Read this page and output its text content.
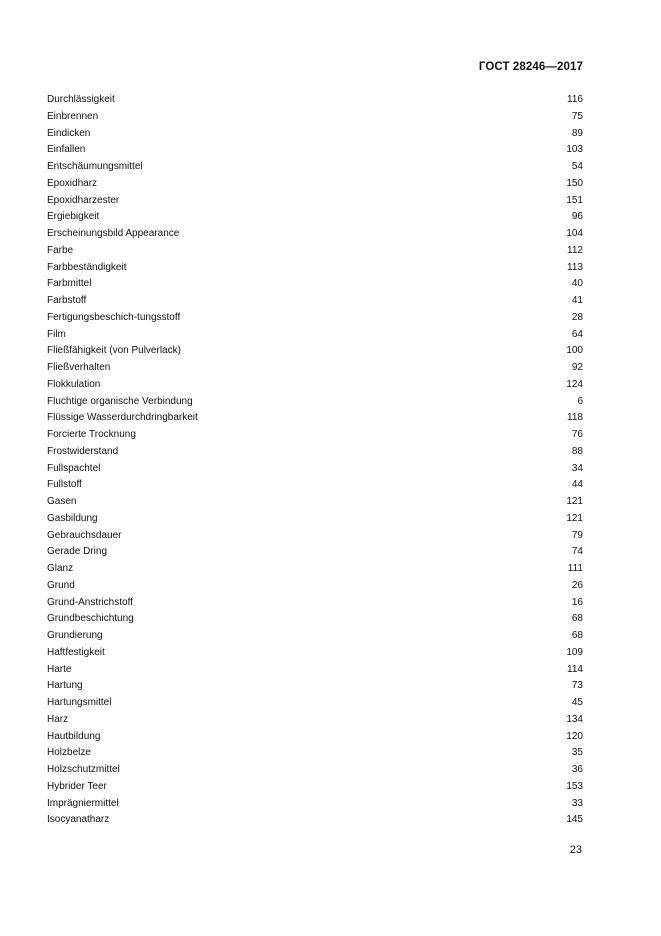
ГОСТ 28246—2017
Durchlässigkeit	116
Einbrennen	75
Eindicken	89
Einfallen	103
Entschäumungsmittel	54
Epoxidharz	150
Epoxidharzester	151
Ergiebigkeit	96
Erscheinungsbild Appearance	104
Farbe	112
Farbbeständigkeit	113
Farbmittel	40
Farbstoff	41
Fertigungsbeschich-tungsstoff	28
Film	64
Fließfähigkeit (von Pulverlack)	100
Fließverhalten	92
Flokkulation	124
Fluchtige organische Verbindung	6
Flüssige Wasserdurchdringbarkeit	118
Forcierte Trocknung	76
Frostwiderstand	88
Fullspachtel	34
Fullstoff	44
Gasen	121
Gasbildung	121
Gebrauchsdauer	79
Gerade Dring	74
Glanz	111
Grund	26
Grund-Anstrichstoff	16
Grundbeschichtung	68
Grundierung	68
Haftfestigkeit	109
Harte	114
Hartung	73
Hartungsmittel	45
Harz	134
Hautbildung	120
Holzbelze	35
Holzschutzmittel	36
Hybrider Teer	153
Imprägniermittel	33
Isocyanatharz	145
23
